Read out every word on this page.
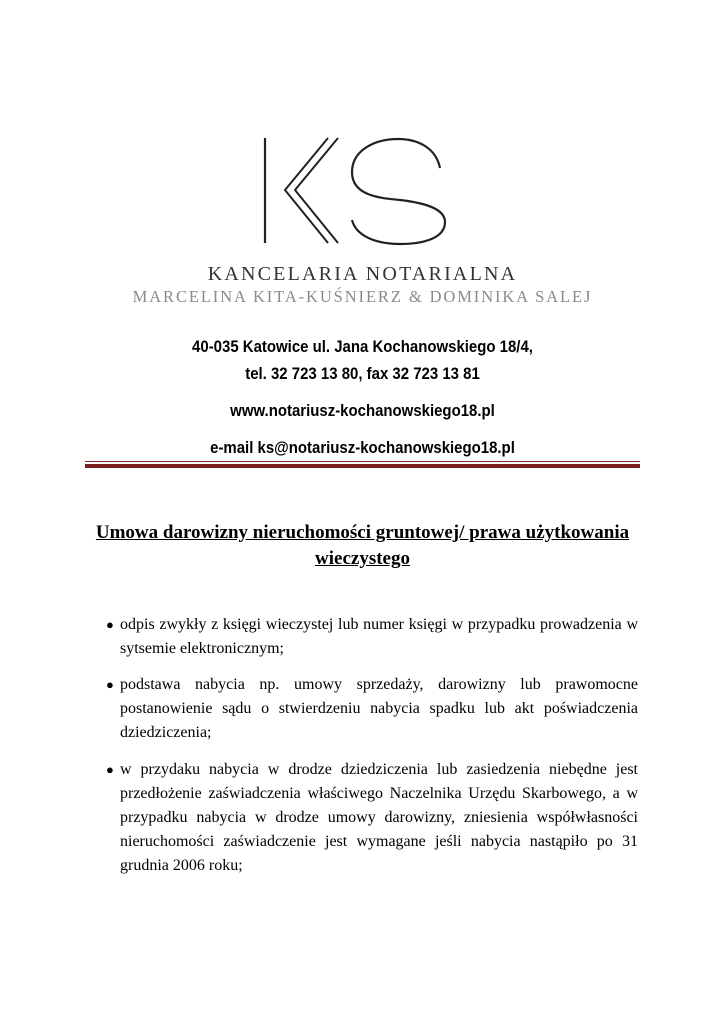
KANCELARIA NOTARIALNA
MARCELINA KITA-KUŚNIERZ & DOMINIKA SALEJ
40-035 Katowice ul. Jana Kochanowskiego 18/4,
tel. 32 723 13 80, fax 32 723 13 81
www.notariusz-kochanowskiego18.pl
e-mail ks@notariusz-kochanowskiego18.pl
Umowa darowizny nieruchomości gruntowej/ prawa użytkowania wieczystego
● odpis zwykły z księgi wieczystej lub numer księgi w przypadku prowadzenia w sytsemie elektronicznym;
● podstawa nabycia np. umowy sprzedaży, darowizny lub prawomocne postanowienie sądu o stwierdzeniu nabycia spadku lub akt poświadczenia dziedziczenia;
● w przydaku nabycia w drodze dziedziczenia lub zasiedzenia niebędne jest przedłożenie zaświadczenia właściwego Naczelnika Urzędu Skarbowego, a w przypadku nabycia w drodze umowy darowizny, zniesienia współwłasności nieruchomości zaświadczenie jest wymagane jeśli nabycia nastąpiło po 31 grudnia 2006 roku;
